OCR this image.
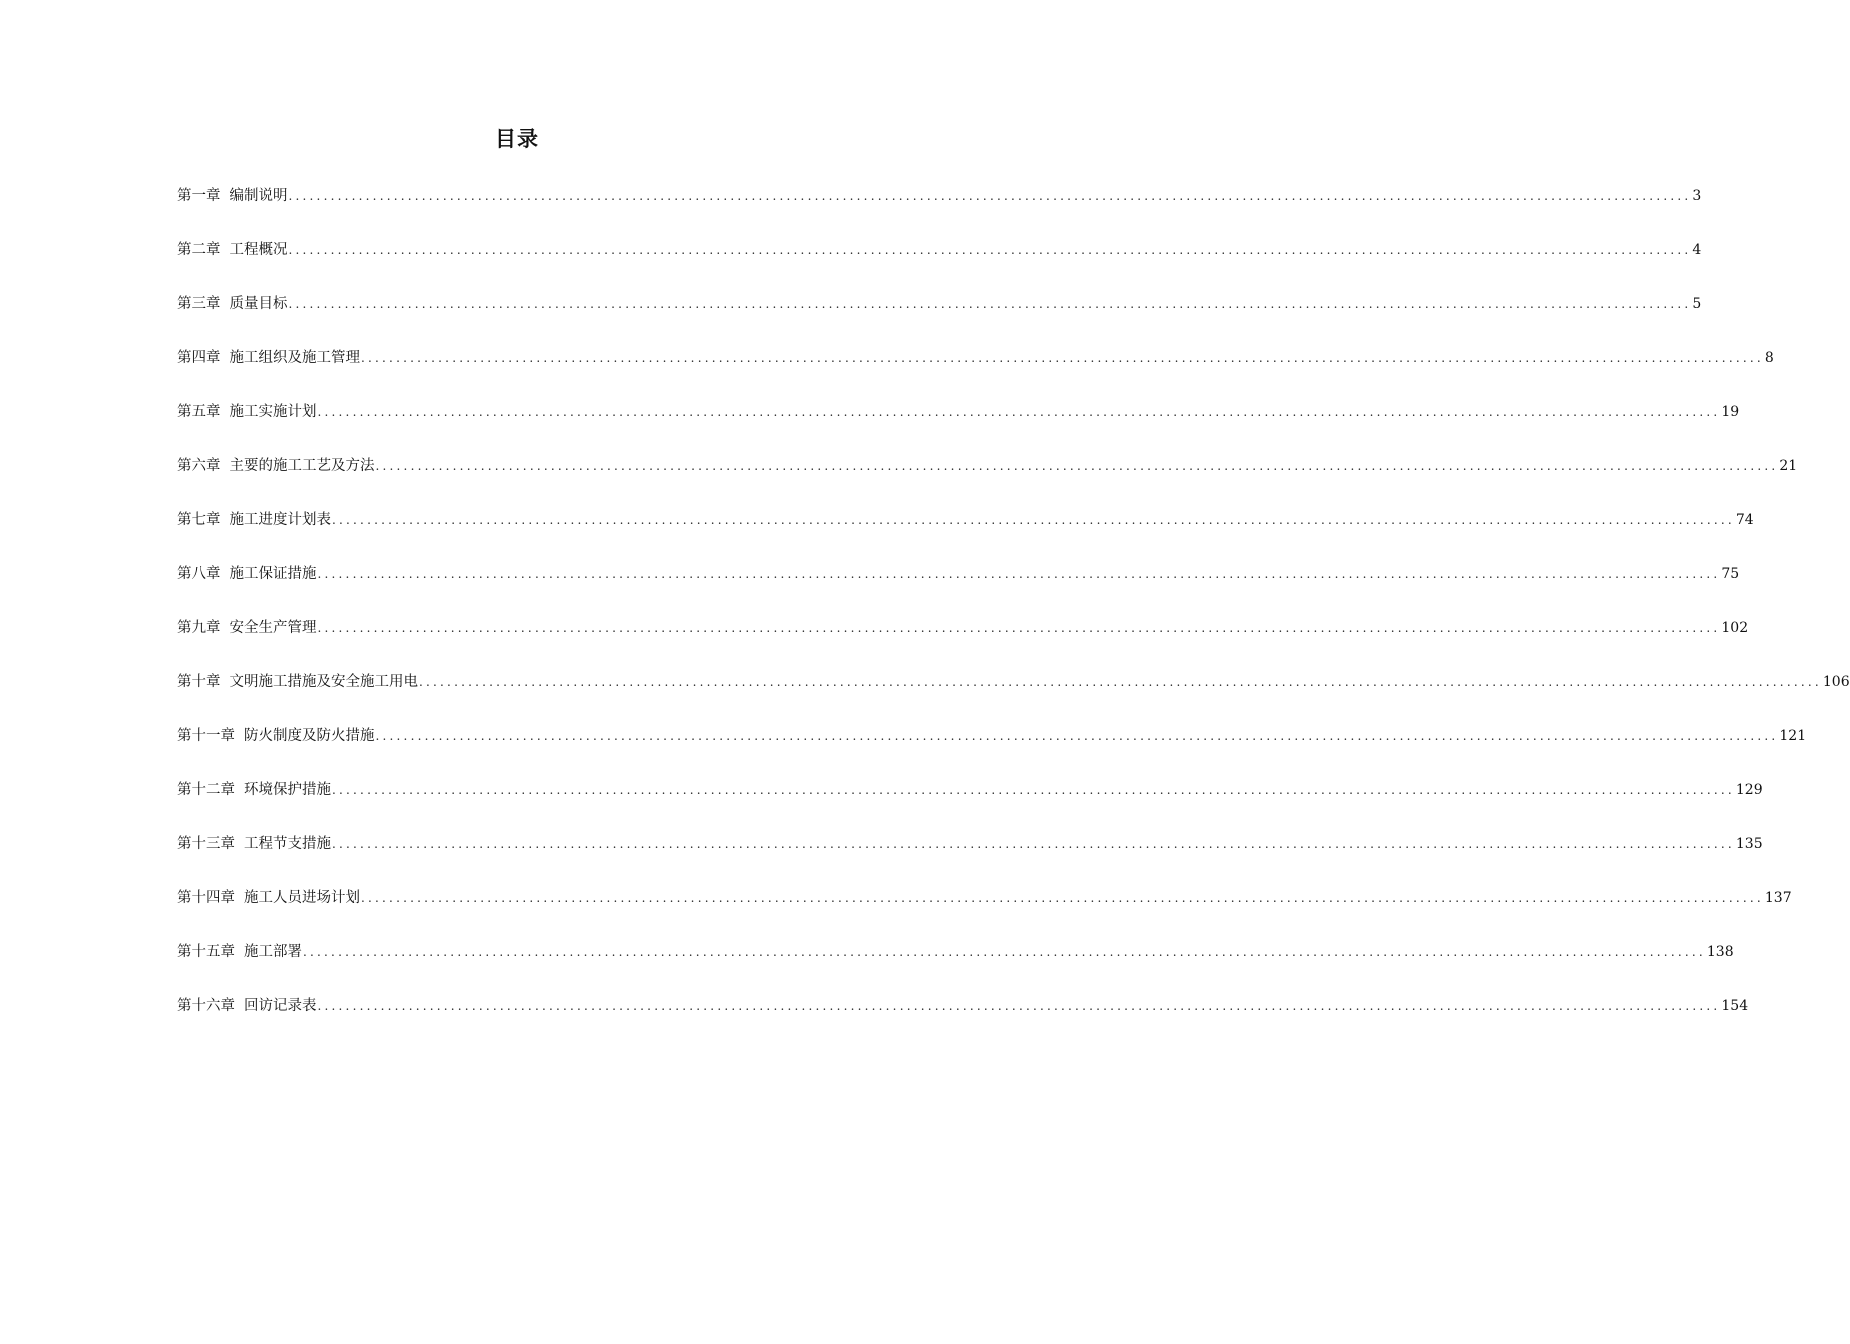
目录
第一章 编制说明 ........................................................................................................................................................................................................ 3
第二章 工程概况 ........................................................................................................................................................................................................ 4
第三章 质量目标 ........................................................................................................................................................................................................ 5
第四章 施工组织及施工管理 ........................................................................................................................................................................................................ 8
第五章 施工实施计划 ........................................................................................................................................................................................................ 19
第六章 主要的施工工艺及方法 ........................................................................................................................................................................................................ 21
第七章 施工进度计划表 ........................................................................................................................................................................................................ 74
第八章 施工保证措施 ........................................................................................................................................................................................................ 75
第九章 安全生产管理 ........................................................................................................................................................................................................ 102
第十章 文明施工措施及安全施工用电 ........................................................................................................................................................................................................ 106
第十一章 防火制度及防火措施 ........................................................................................................................................................................................................ 121
第十二章 环境保护措施 ........................................................................................................................................................................................................ 129
第十三章 工程节支措施 ........................................................................................................................................................................................................ 135
第十四章 施工人员进场计划 ........................................................................................................................................................................................................ 137
第十五章 施工部署 ........................................................................................................................................................................................................ 138
第十六章 回访记录表 ........................................................................................................................................................................................................ 154
